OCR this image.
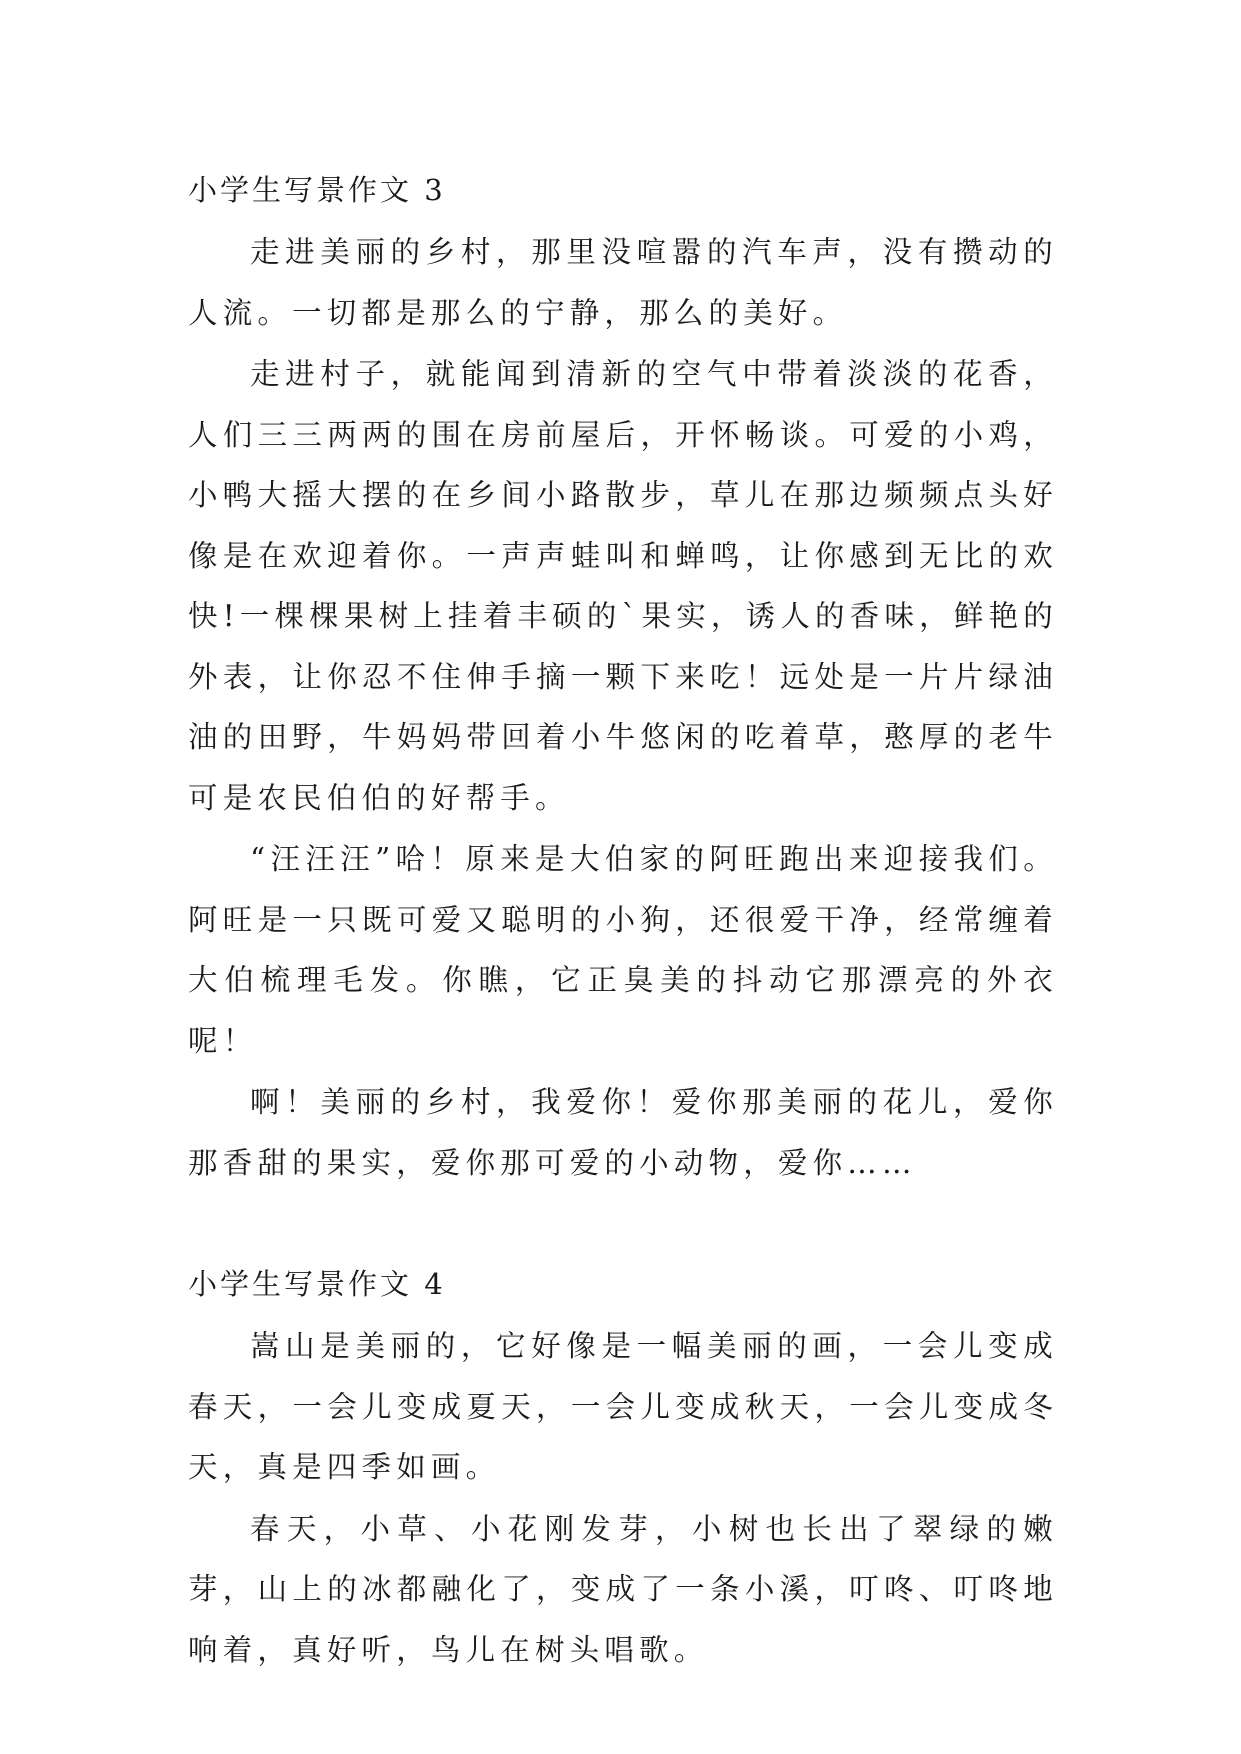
小学生写景作文 3

走进美丽的乡村，那里没喧嚣的汽车声，没有攒动的人流。一切都是那么的宁静，那么的美好。

走进村子，就能闻到清新的空气中带着淡淡的花香，人们三三两两的围在房前屋后，开怀畅谈。可爱的小鸡，小鸭大摇大摆的在乡间小路散步，草儿在那边频频点头好像是在欢迎着你。一声声蛙叫和蝉鸣，让你感到无比的欢快!一棵棵果树上挂着丰硕的`果实，诱人的香味，鲜艳的外表，让你忍不住伸手摘一颗下来吃！远处是一片片绿油油的田野，牛妈妈带回着小牛悠闲的吃着草，憨厚的老牛可是农民伯伯的好帮手。

“汪汪汪”哈！原来是大伯家的阿旺跑出来迎接我们。阿旺是一只既可爱又聪明的小狗，还很爱干净，经常缠着大伯梳理毛发。你瞧，它正臭美的抖动它那漂亮的外衣呢！

啊！美丽的乡村，我爱你！爱你那美丽的花儿，爱你那香甜的果实，爱你那可爱的小动物，爱你……

小学生写景作文 4

嵩山是美丽的，它好像是一幅美丽的画，一会儿变成春天，一会儿变成夏天，一会儿变成秋天，一会儿变成冬天，真是四季如画。

春天，小草、小花刚发芽，小树也长出了翠绿的嫩芽，山上的冰都融化了，变成了一条小溪，叮咚、叮咚地响着，真好听，鸟儿在树头唱歌。
